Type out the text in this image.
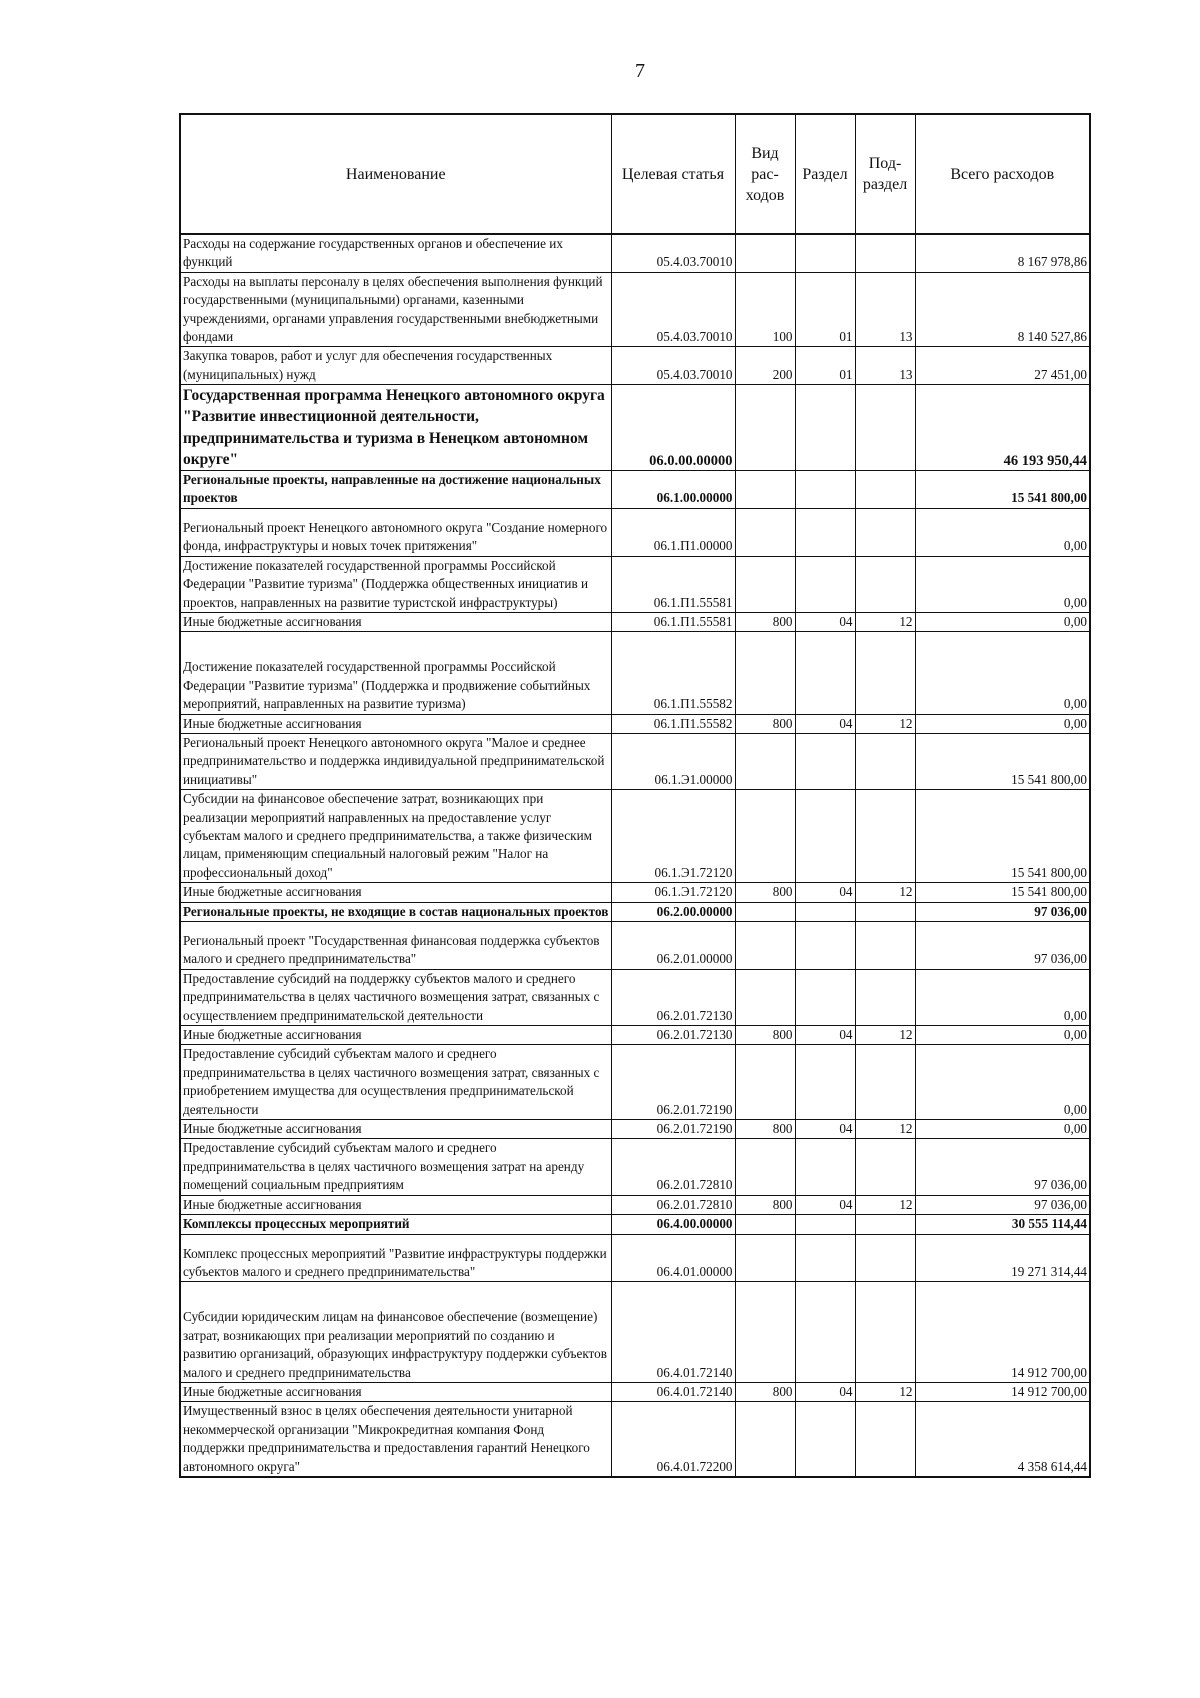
7
Наименование	Целевая статья	Вид рас-ходов	Раздел	Под-раздел	Всего расходов
Расходы на содержание государственных органов и обеспечение их функций	05.4.03.70010				8 167 978,86
Расходы на выплаты персоналу в целях обеспечения выполнения функций государственными (муниципальными) органами, казенными учреждениями, органами управления государственными внебюджетными фондами	05.4.03.70010	100	01	13	8 140 527,86
Закупка товаров, работ и услуг для обеспечения государственных (муниципальных) нужд	05.4.03.70010	200	01	13	27 451,00
Государственная программа Ненецкого автономного округа "Развитие инвестиционной деятельности, предпринимательства и туризма в Ненецком автономном округе"	06.0.00.00000				46 193 950,44
Региональные проекты, направленные на достижение национальных проектов	06.1.00.00000				15 541 800,00
Региональный проект Ненецкого автономного округа "Создание номерного фонда, инфраструктуры и новых точек притяжения"	06.1.П1.00000				0,00
Достижение показателей государственной программы Российской Федерации "Развитие туризма" (Поддержка общественных инициатив и проектов, направленных на развитие туристской инфраструктуры)	06.1.П1.55581				0,00
Иные бюджетные ассигнования	06.1.П1.55581	800	04	12	0,00
Достижение показателей государственной программы Российской Федерации "Развитие туризма" (Поддержка и продвижение событийных мероприятий, направленных на развитие туризма)	06.1.П1.55582				0,00
Иные бюджетные ассигнования	06.1.П1.55582	800	04	12	0,00
Региональный проект Ненецкого автономного округа "Малое и среднее предпринимательство и поддержка индивидуальной предпринимательской инициативы"	06.1.Э1.00000				15 541 800,00
Субсидии на финансовое обеспечение затрат, возникающих при реализации мероприятий направленных на предоставление услуг субъектам малого и среднего предпринимательства, а также физическим лицам, применяющим специальный налоговый режим "Налог на профессиональный доход"	06.1.Э1.72120				15 541 800,00
Иные бюджетные ассигнования	06.1.Э1.72120	800	04	12	15 541 800,00
Региональные проекты, не входящие в состав национальных проектов	06.2.00.00000				97 036,00
Региональный проект "Государственная финансовая поддержка субъектов малого и среднего предпринимательства"	06.2.01.00000				97 036,00
Предоставление субсидий на поддержку субъектов малого и среднего предпринимательства в целях частичного возмещения затрат, связанных с осуществлением предпринимательской деятельности	06.2.01.72130				0,00
Иные бюджетные ассигнования	06.2.01.72130	800	04	12	0,00
Предоставление субсидий субъектам малого и среднего предпринимательства в целях частичного возмещения затрат, связанных с приобретением имущества для осуществления предпринимательской деятельности	06.2.01.72190				0,00
Иные бюджетные ассигнования	06.2.01.72190	800	04	12	0,00
Предоставление субсидий субъектам малого и среднего предпринимательства в целях частичного возмещения затрат на аренду помещений социальным предприятиям	06.2.01.72810				97 036,00
Иные бюджетные ассигнования	06.2.01.72810	800	04	12	97 036,00
Комплексы процессных мероприятий	06.4.00.00000				30 555 114,44
Комплекс процессных мероприятий "Развитие инфраструктуры поддержки субъектов малого и среднего предпринимательства"	06.4.01.00000				19 271 314,44
Субсидии юридическим лицам на финансовое обеспечение (возмещение) затрат, возникающих при реализации мероприятий по созданию и развитию организаций, образующих инфраструктуру поддержки субъектов малого и среднего предпринимательства	06.4.01.72140				14 912 700,00
Иные бюджетные ассигнования	06.4.01.72140	800	04	12	14 912 700,00
Имущественный взнос в целях обеспечения деятельности унитарной некоммерческой организации "Микрокредитная компания Фонд поддержки предпринимательства и предоставления гарантий Ненецкого автономного округа"	06.4.01.72200				4 358 614,44
